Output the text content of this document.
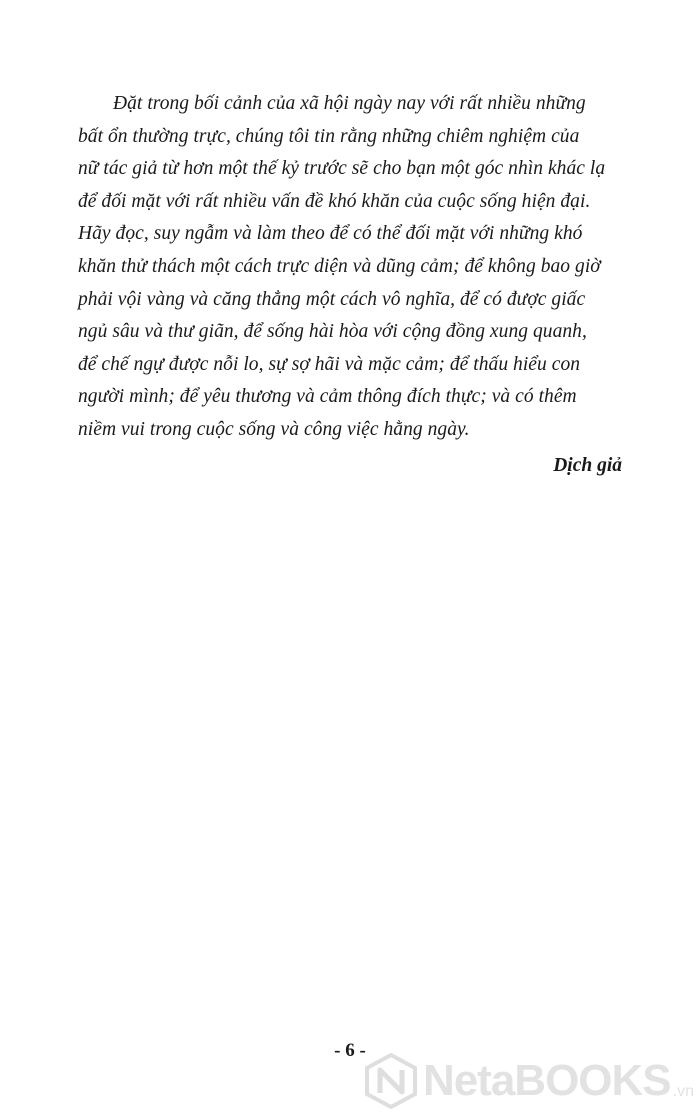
Đặt trong bối cảnh của xã hội ngày nay với rất nhiều những
bất ổn thường trực, chúng tôi tin rằng những chiêm nghiệm của
nữ tác giả từ hơn một thế kỷ trước sẽ cho bạn một góc nhìn khác lạ
để đối mặt với rất nhiều vấn đề khó khăn của cuộc sống hiện đại.
Hãy đọc, suy ngẫm và làm theo để có thể đối mặt với những khó
khăn thử thách một cách trực diện và dũng cảm; để không bao giờ
phải vội vàng và căng thẳng một cách vô nghĩa, để có được giấc
ngủ sâu và thư giãn, để sống hài hòa với cộng đồng xung quanh,
để chế ngự được nỗi lo, sự sợ hãi và mặc cảm; để thấu hiểu con
người mình; để yêu thương và cảm thông đích thực; và có thêm
niềm vui trong cuộc sống và công việc hằng ngày.
Dịch giả
- 6 -
NetaBOOKS .vn
